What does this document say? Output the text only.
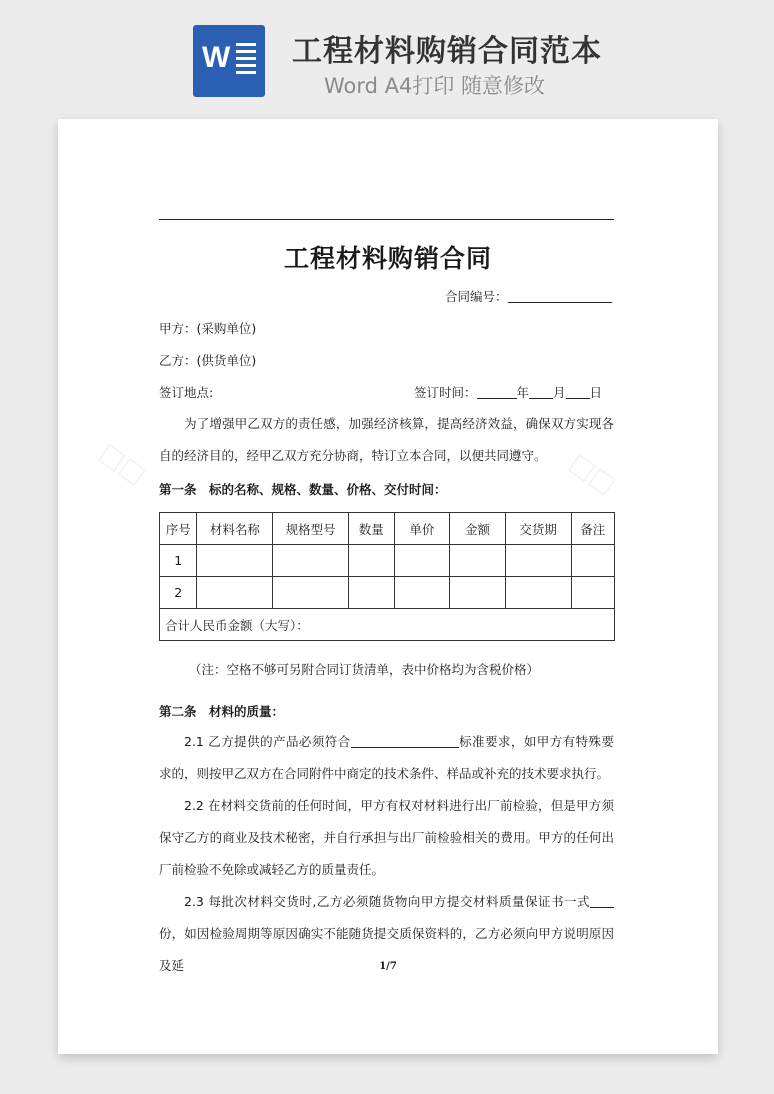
W 工程材料购销合同范本
Word A4打印 随意修改
□□	□□
工程材料购销合同
合同编号：
甲方：(采购单位)
乙方：(供货单位)
签订地点:	签订时间：	年 月 日
为了增强甲乙双方的责任感，加强经济核算，提高经济效益，确保双方实现各自的经济目的，经甲乙双方充分协商，特订立本合同，以便共同遵守。
第一条　标的名称、规格、数量、价格、交付时间：
序号	材料名称	规格型号	数量	单价	金额	交货期	备注
1							
2							
合计人民币金额（大写）：							
（注：空格不够可另附合同订货清单，表中价格均为含税价格）
第二条　材料的质量：
2.1 乙方提供的产品必须符合	标准要求，如甲方有特殊要求的，则按甲乙双方在合同附件中商定的技术条件、样品或补充的技术要求执行。
2.2 在材料交货前的任何时间，甲方有权对材料进行出厂前检验，但是甲方须保守乙方的商业及技术秘密，并自行承担与出厂前检验相关的费用。甲方的任何出厂前检验不免除或减轻乙方的质量责任。
2.3 每批次材料交货时,乙方必须随货物向甲方提交材料质量保证书一式份，如因检验周期等原因确实不能随货提交质保资料的，乙方必须向甲方说明原因及延	1/7
